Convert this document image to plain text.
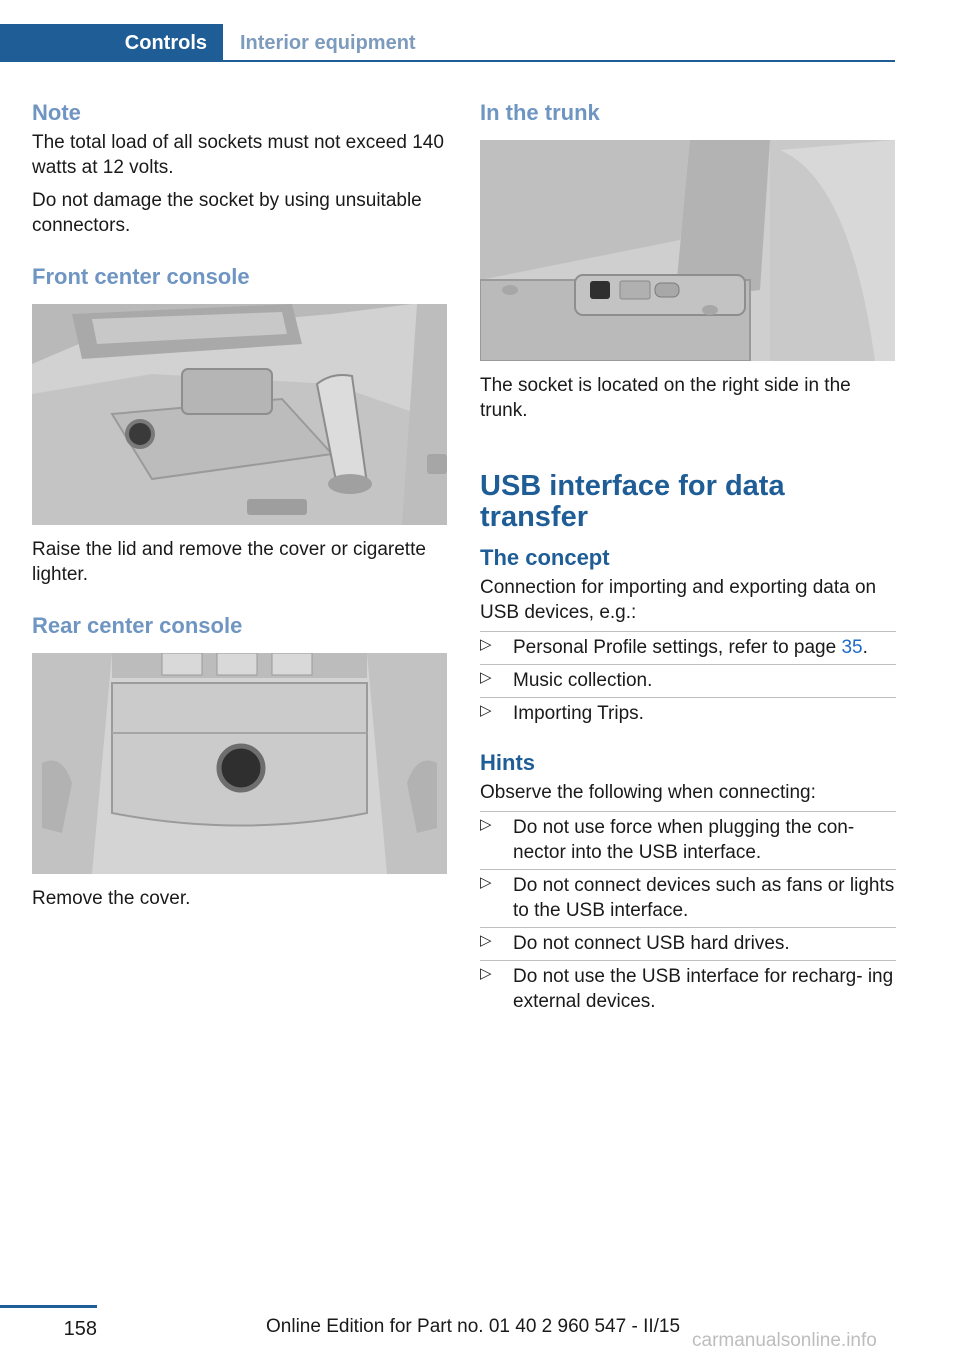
Controls	Interior equipment
Note

The total load of all sockets must not exceed 140 watts at 12 volts.

Do not damage the socket by using unsuitable connectors.

Front center console

Raise the lid and remove the cover or cigarette lighter.

Rear center console

Remove the cover.

In the trunk

The socket is located on the right side in the trunk.

USB interface for data transfer
The concept

Connection for importing and exporting data on USB devices, e.g.:

▷ Personal Profile settings, refer to page 35.
▷ Music collection.
▷ Importing Trips.
Hints

Observe the following when connecting:

▷ Do not use force when plugging the con‐ nector into the USB interface.
▷ Do not connect devices such as fans or lights to the USB interface.
▷ Do not connect USB hard drives.
▷ Do not use the USB interface for recharg‐ ing external devices.
158	Online Edition for Part no. 01 40 2 960 547 - II/15
carmanualsonline.info
